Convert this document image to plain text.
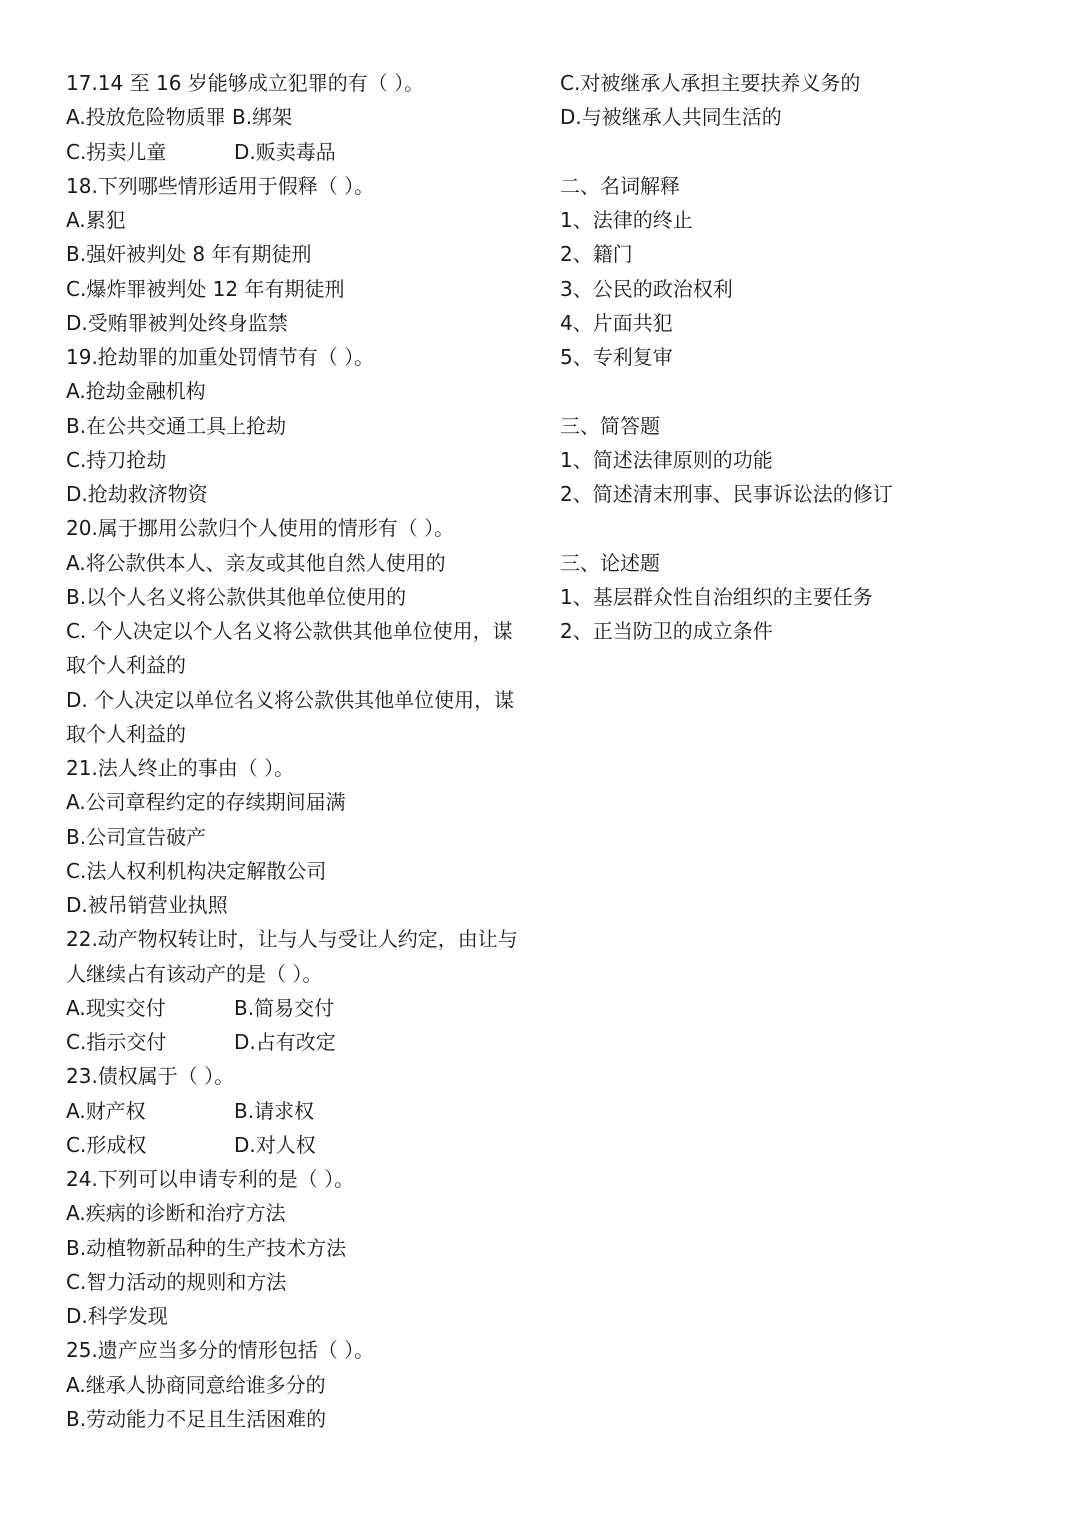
17.14 至 16 岁能够成立犯罪的有（ ）。
A.投放危险物质罪 B.绑架
C.拐卖儿童	D.贩卖毒品
18.下列哪些情形适用于假释（ ）。
A.累犯
B.强奸被判处 8 年有期徒刑
C.爆炸罪被判处 12 年有期徒刑
D.受贿罪被判处终身监禁
19.抢劫罪的加重处罚情节有（ ）。
A.抢劫金融机构
B.在公共交通工具上抢劫
C.持刀抢劫
D.抢劫救济物资
20.属于挪用公款归个人使用的情形有（ ）。
A.将公款供本人、亲友或其他自然人使用的
B.以个人名义将公款供其他单位使用的
C. 个人决定以个人名义将公款供其他单位使用，谋
取个人利益的
D. 个人决定以单位名义将公款供其他单位使用，谋
取个人利益的
21.法人终止的事由（ ）。
A.公司章程约定的存续期间届满
B.公司宣告破产
C.法人权利机构决定解散公司
D.被吊销营业执照
22.动产物权转让时，让与人与受让人约定，由让与
人继续占有该动产的是（ ）。
A.现实交付	B.简易交付
C.指示交付	D.占有改定
23.债权属于（ ）。
A.财产权	B.请求权
C.形成权	D.对人权
24.下列可以申请专利的是（ ）。
A.疾病的诊断和治疗方法
B.动植物新品种的生产技术方法
C.智力活动的规则和方法
D.科学发现
25.遗产应当多分的情形包括（ ）。
A.继承人协商同意给谁多分的
B.劳动能力不足且生活困难的
C.对被继承人承担主要扶养义务的
D.与被继承人共同生活的
二、名词解释
1、法律的终止
2、籍门
3、公民的政治权利
4、片面共犯
5、专利复审
三、简答题
1、简述法律原则的功能
2、简述清末刑事、民事诉讼法的修订
三、论述题
1、基层群众性自治组织的主要任务
2、正当防卫的成立条件
